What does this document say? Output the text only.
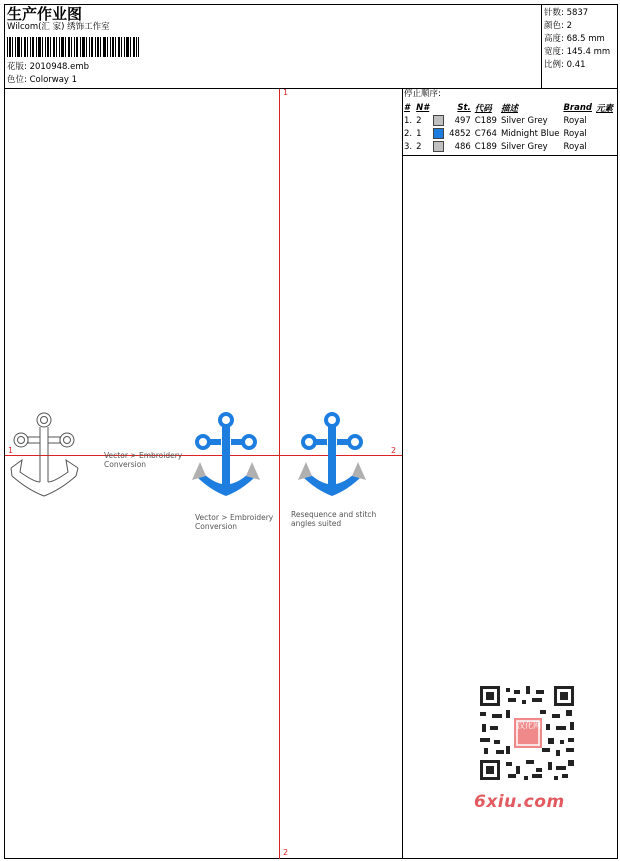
生产作业图
Wilcom(汇 家) 绣饰工作室
花版: 2010948.emb
色位: Colorway 1
针数: 5837
颜色: 2
高度: 68.5 mm
宽度: 145.4 mm
比例: 0.41
停止顺序:
#	N#		St.	代码	描述	Brand	元素
1.	2		497	C189	Silver Grey	Royal	
2.	1		4852	C764	Midnight Blue	Royal	
3.	2		486	C189	Silver Grey	Royal	
1
2
1	2
Vector > Embroidery
Conversion
Vector > Embroidery
Conversion
Resequence and stitch
angles suited
汉化网
6xiu.com
